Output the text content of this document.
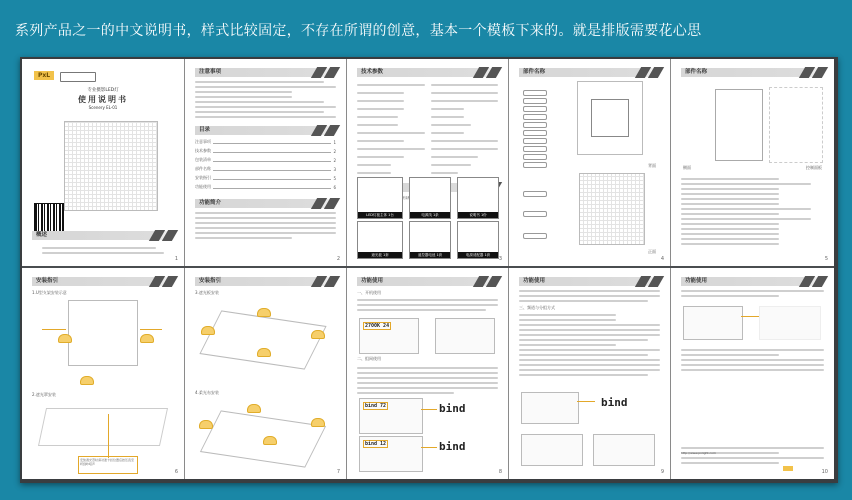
系列产品之一的中文说明书，样式比较固定，不存在所谓的创意，基本一个模板下来的。就是排版需要花心思
PxL
专业摄影LED灯
使用说明书
Scenery EL-01
概述
1
注意事项
目录
注意事项	1
技术参数	2
包装清单	2
部件名称	3
安装指引	5
功能使用	6
功能简介
2
技术参数
LED灯板主体 1台	电源线 1条	说明书 1份
遮光板 1套	遥控器电池 1套	电源适配器 1套
3
部件名称
背面
正面
4
部件名称
侧面	控制面板
5
安装指引
1.U型支架安装示意
2.遮光罩安装
安装遮光罩时请对准卡扣位置后按压直至听到咔嗒声
6
安装指引
3.遮光板安装
4.柔光布安装
7
功能使用
一、开机使用
2700K 24
二、组网使用
bind 72	bind
bind 12	bind
8
功能使用
三、频道与分组方式
bind
9
功能使用
http://www.pxlight.com
10
